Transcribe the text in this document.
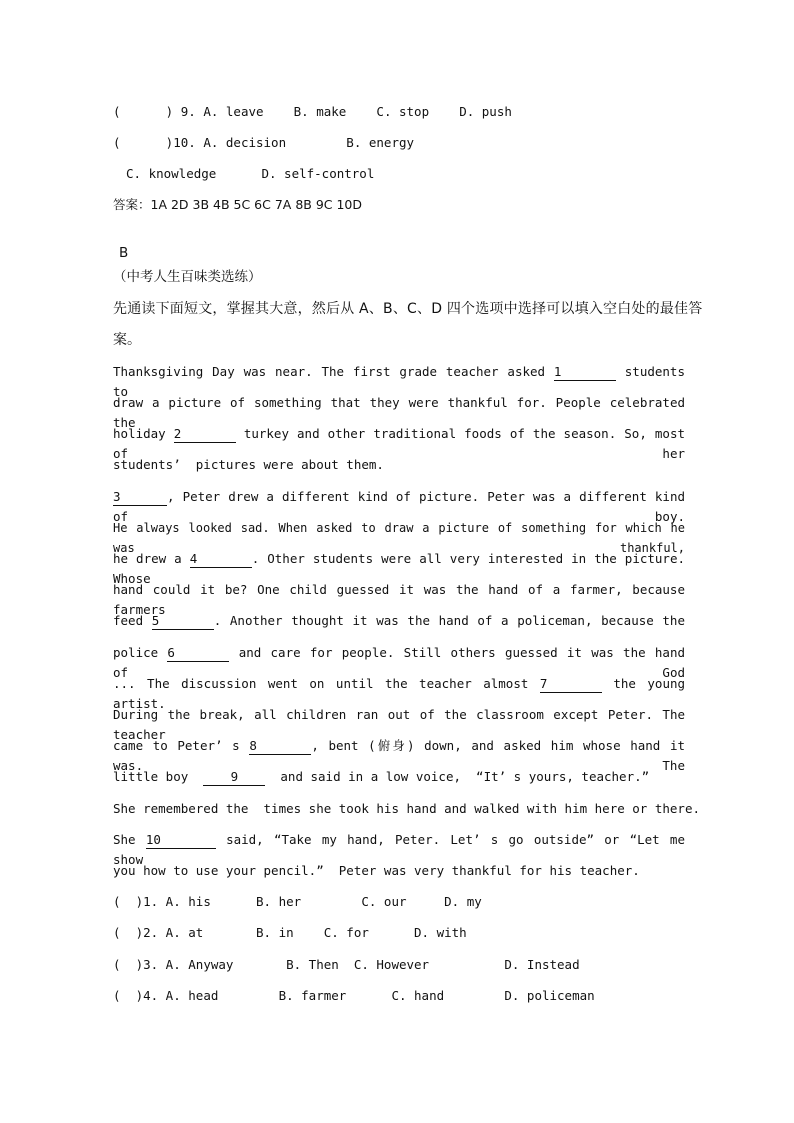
(      ) 9. A. leave    B. make    C. stop    D. push
(      )10. A. decision        B. energy
C. knowledge      D. self-control
答案：1A 2D 3B 4B 5C 6C 7A 8B 9C 10D
B
（中考人生百味类选练）
先通读下面短文，掌握其大意，然后从 A、B、C、D 四个选项中选择可以填入空白处的最佳答
案。
Thanksgiving Day was near. The first grade teacher asked 1	students to
draw a picture of something that they were thankful for. People celebrated the
holiday 2	turkey and other traditional foods of the season. So, most of her
students’  pictures were about them.
3	, Peter drew a different kind of picture. Peter was a different kind of boy.
He always looked sad. When asked to draw a picture of something for which he was thankful,
he drew a 4	. Other students were all very interested in the picture. Whose
hand could it be? One child guessed it was the hand of a farmer, because farmers
feed 5	. Another thought it was the hand of a policeman, because the
police 6	and care for people. Still others guessed it was the hand of God
... The discussion went on until the teacher almost 7	the young artist.
During the break, all children ran out of the classroom except Peter. The teacher
came to Peter’ s 8	, bent (俯身) down, and asked him whose hand it was. The
little boy	9	and said in a low voice,  “It’ s yours, teacher.”
She remembered the  times she took his hand and walked with him here or there.
She 10	said, “Take my hand, Peter. Let’ s go outside” or “Let me show
you how to use your pencil.”  Peter was very thankful for his teacher.
(  )1. A. his      B. her        C. our     D. my
(  )2. A. at       B. in    C. for      D. with
(  )3. A. Anyway       B. Then  C. However          D. Instead
(  )4. A. head        B. farmer      C. hand        D. policeman
